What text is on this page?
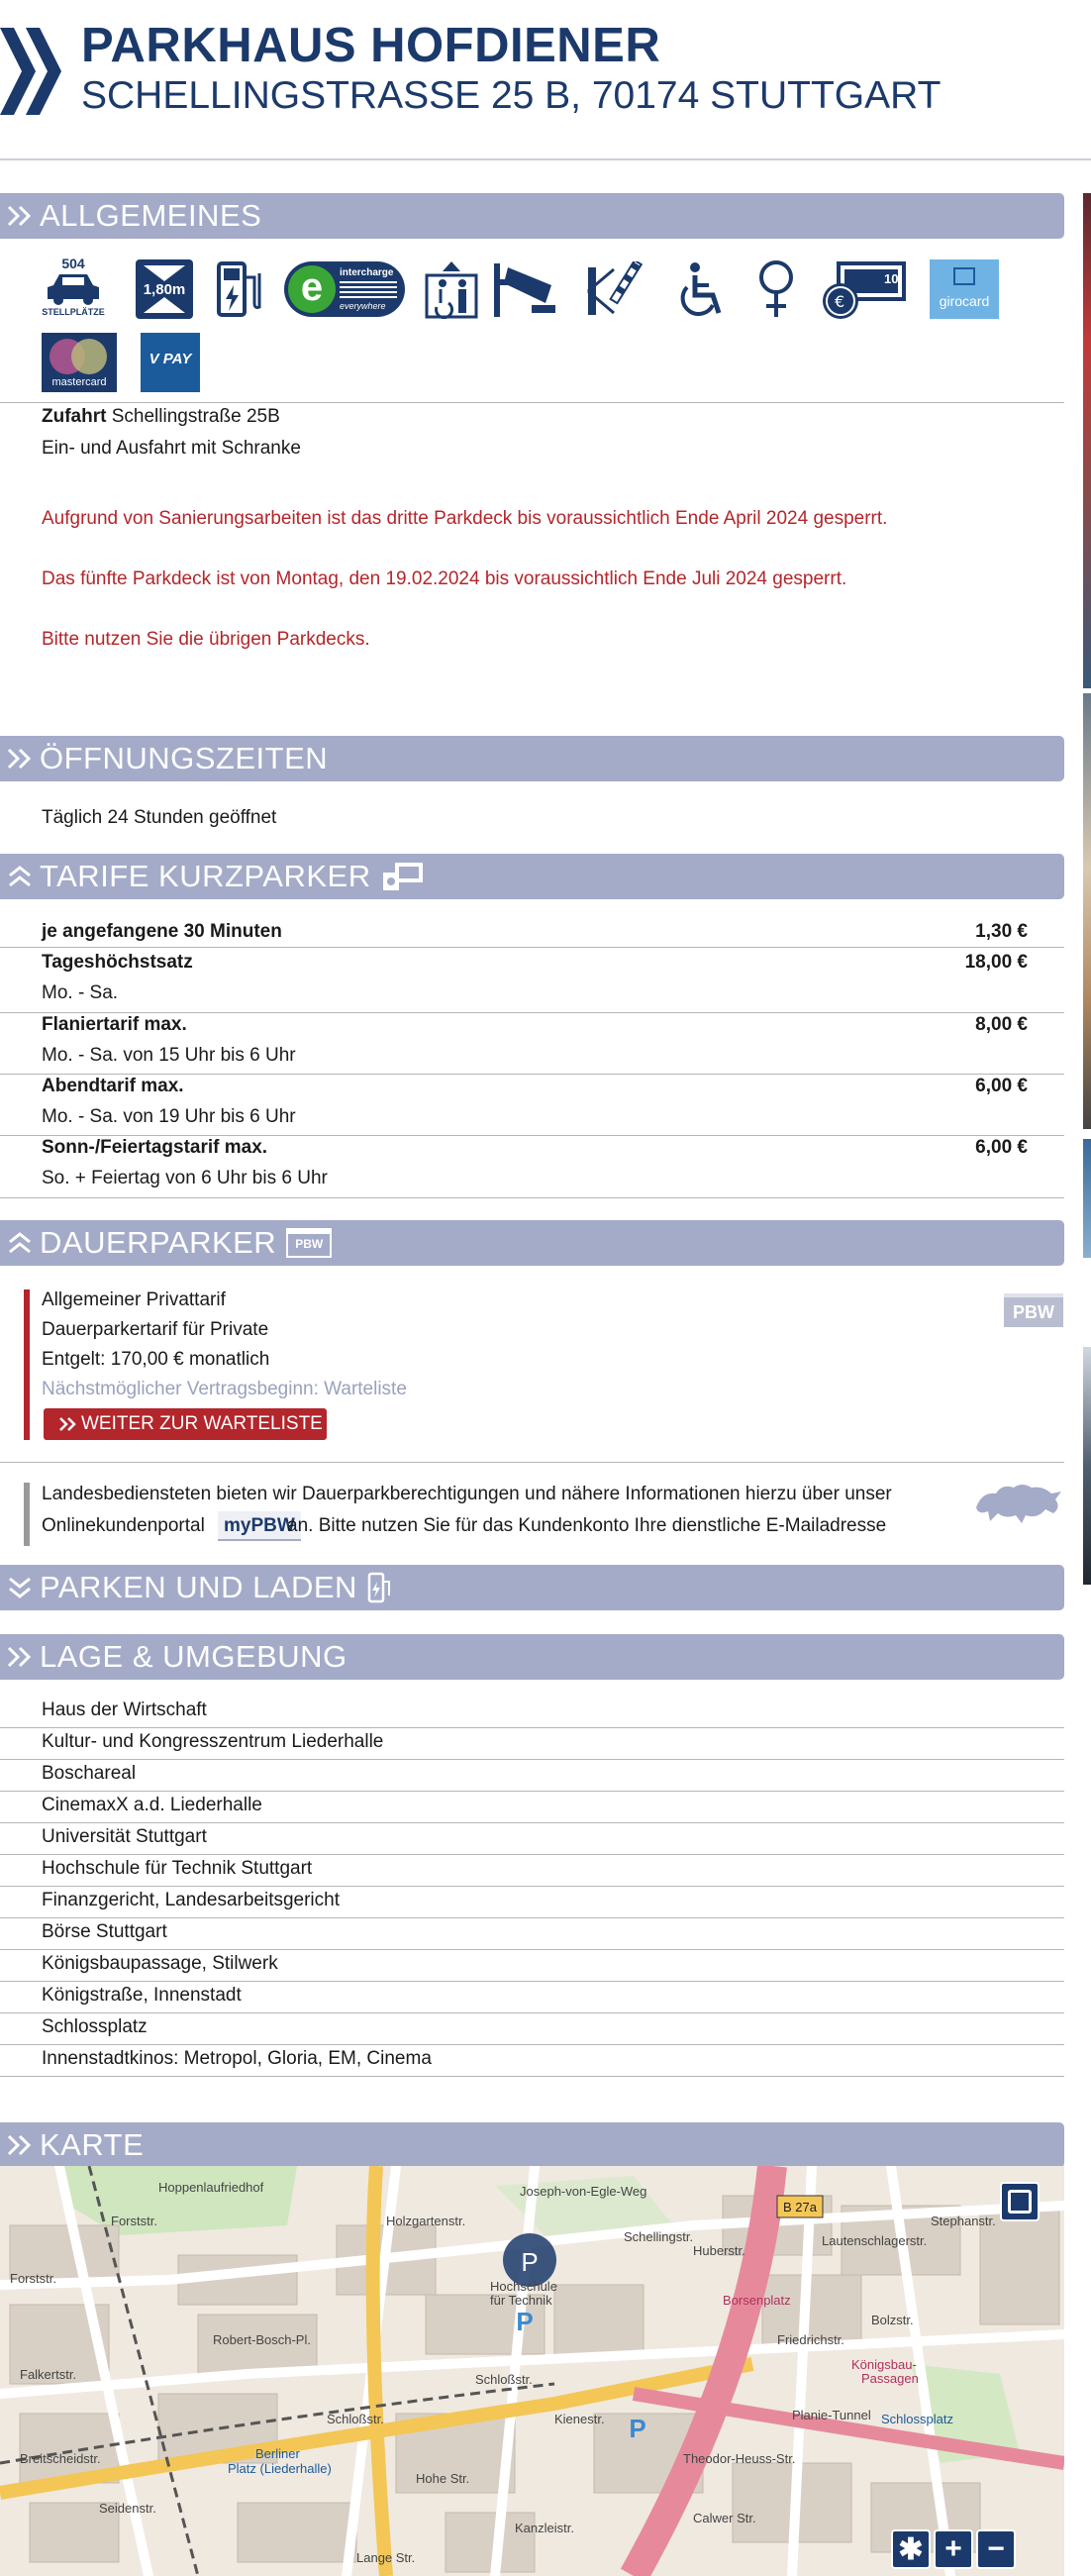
PARKHAUS HOFDIENER
SCHELLINGSTRASSE 25 B, 70174 STUTTGART
ALLGEMEINES
504
STELLPLÄTZE
1,80m	e	intercharge
everywhere	€
10
girocard
mastercard
V PAY
Zufahrt Schellingstraße 25B
Ein- und Ausfahrt mit Schranke
Aufgrund von Sanierungsarbeiten ist das dritte Parkdeck bis voraussichtlich Ende April 2024 gesperrt.
Das fünfte Parkdeck ist von Montag, den 19.02.2024 bis voraussichtlich Ende Juli 2024 gesperrt.
Bitte nutzen Sie die übrigen Parkdecks.
ÖFFNUNGSZEITEN
Täglich 24 Stunden geöffnet
TARIFE KURZPARKER
je angefangene 30 Minuten	1,30 €
Tageshöchstsatz	18,00 €
Mo. - Sa.
Flaniertarif max.	8,00 €
Mo. - Sa. von 15 Uhr bis 6 Uhr
Abendtarif max.	6,00 €
Mo. - Sa. von 19 Uhr bis 6 Uhr
Sonn-/Feiertagstarif max.	6,00 €
So. + Feiertag von 6 Uhr bis 6 Uhr
DAUERPARKER	PBW
Allgemeiner Privattarif
Dauerparkertarif für Private
Entgelt: 170,00 € monatlich
Nächstmöglicher Vertragsbeginn: Warteliste
WEITER ZUR WARTELISTE
PBW
Landesbediensteten bieten wir Dauerparkberechtigungen und nähere Informationen hierzu über unser
Onlinekundenportal	myPBW
an. Bitte nutzen Sie für das Kundenkonto Ihre dienstliche E-Mailadresse
PARKEN UND LADEN
LAGE & UMGEBUNG
Haus der Wirtschaft
Kultur- und Kongresszentrum Liederhalle
Boschareal
CinemaxX a.d. Liederhalle
Universität Stuttgart
Hochschule für Technik Stuttgart
Finanzgericht, Landesarbeitsgericht
Börse Stuttgart
Königsbaupassage, Stilwerk
Königstraße, Innenstadt
Schlossplatz
Innenstadtkinos: Metropol, Gloria, EM, Cinema
KARTE
P
P
P
Hoppenlaufriedhof
Forststr.
Forststr.
Falkertstr.
Breitscheidstr.
Robert-Bosch-Pl.
Holzgartenstr.
Joseph-von-Egle-Weg
Schellingstr.
Huberstr.
Borsenplatz
Friedrichstr.
Lautenschlagerstr.
Stephanstr.
Bolzstr.
Schloßstr.
Schloßstr.
Berliner
Platz (Liederhalle)
Hochschule
für Technik
Königsbau-
Passagen
Schlossplatz
Theodor-Heuss-Str.
Planie-Tunnel
Kienestr.
Hohe Str.
Calwer Str.
Kanzleistr.
Seidenstr.
Lange Str.
B 27a
✱ + −
